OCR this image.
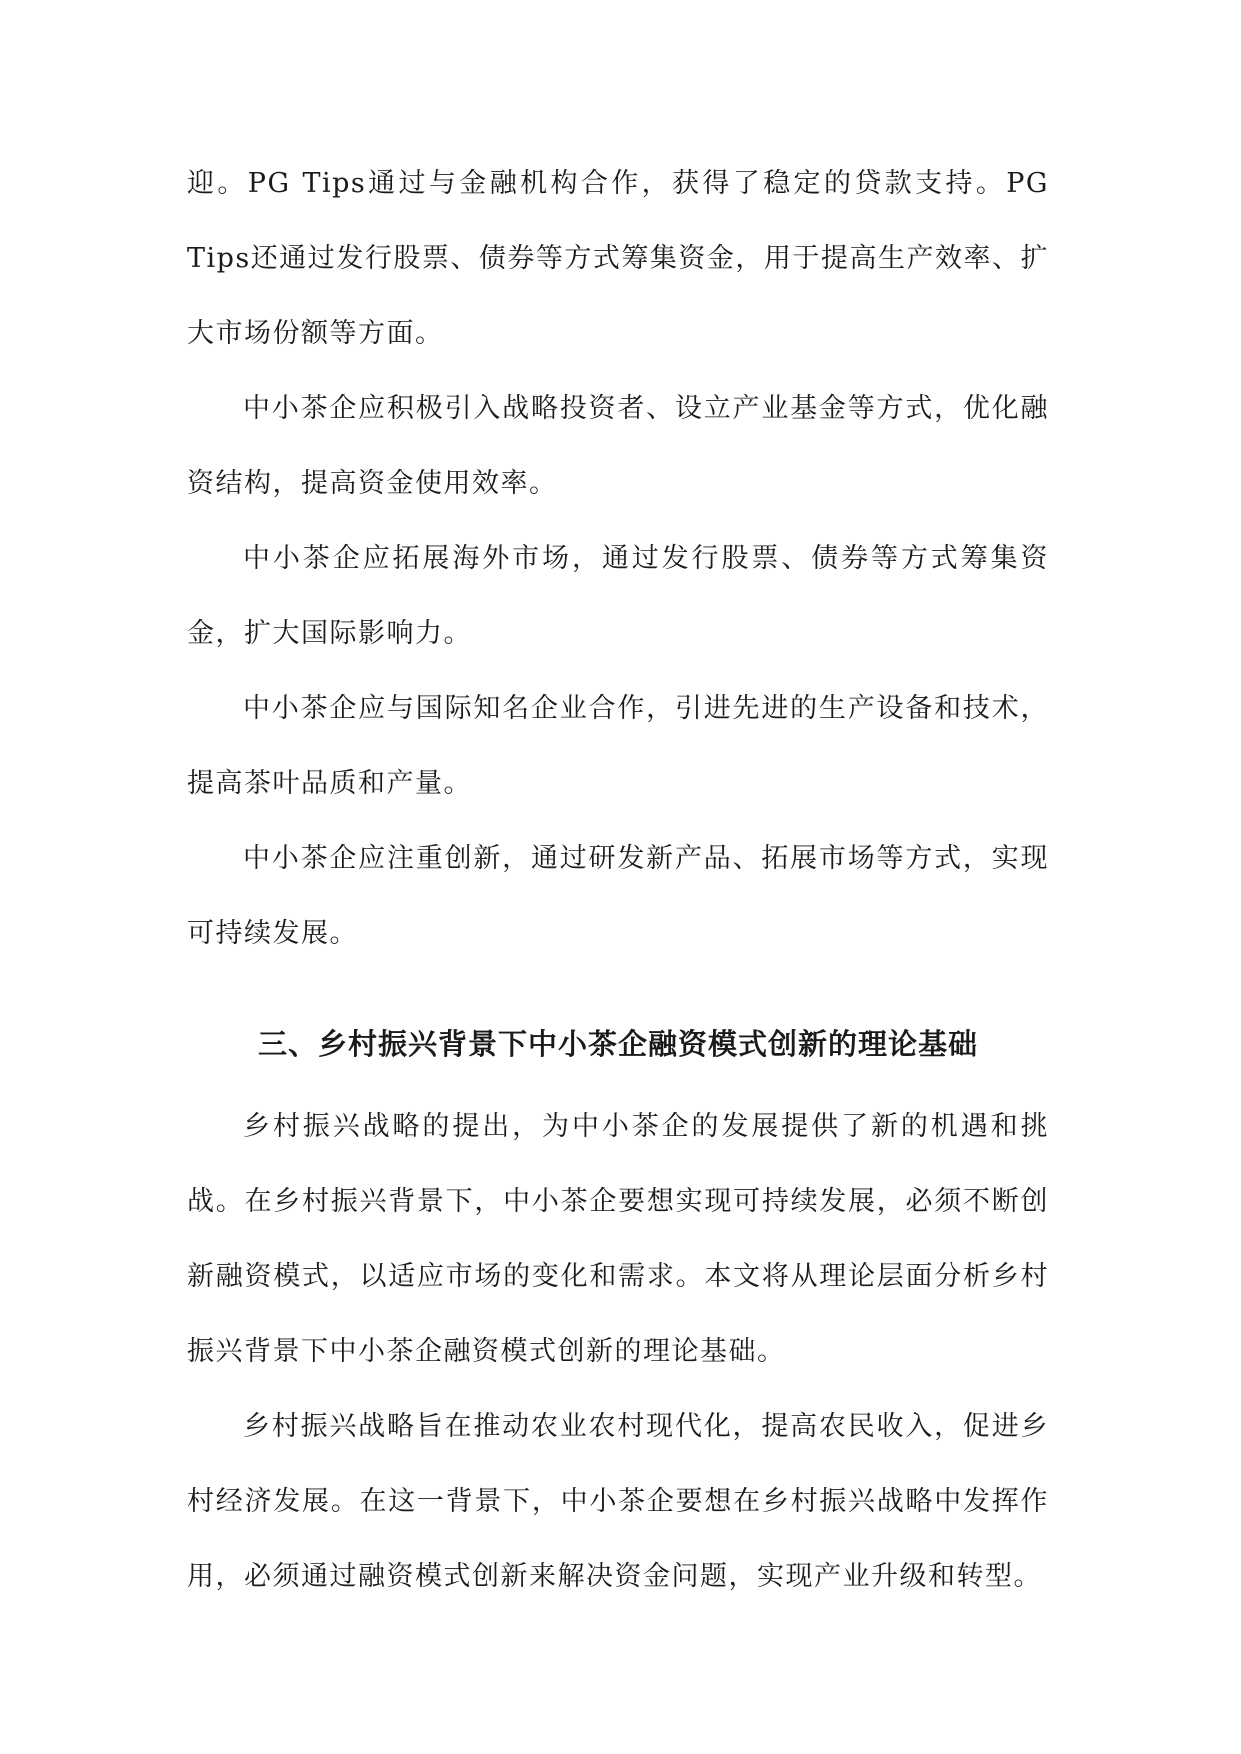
迎。PG Tips通过与金融机构合作，获得了稳定的贷款支持。PG Tips还通过发行股票、债券等方式筹集资金，用于提高生产效率、扩大市场份额等方面。

中小茶企应积极引入战略投资者、设立产业基金等方式，优化融资结构，提高资金使用效率。

中小茶企应拓展海外市场，通过发行股票、债券等方式筹集资金，扩大国际影响力。

中小茶企应与国际知名企业合作，引进先进的生产设备和技术，提高茶叶品质和产量。

中小茶企应注重创新，通过研发新产品、拓展市场等方式，实现可持续发展。

三、乡村振兴背景下中小茶企融资模式创新的理论基础

乡村振兴战略的提出，为中小茶企的发展提供了新的机遇和挑战。在乡村振兴背景下，中小茶企要想实现可持续发展，必须不断创新融资模式，以适应市场的变化和需求。本文将从理论层面分析乡村振兴背景下中小茶企融资模式创新的理论基础。

乡村振兴战略旨在推动农业农村现代化，提高农民收入，促进乡村经济发展。在这一背景下，中小茶企要想在乡村振兴战略中发挥作用，必须通过融资模式创新来解决资金问题，实现产业升级和转型。
